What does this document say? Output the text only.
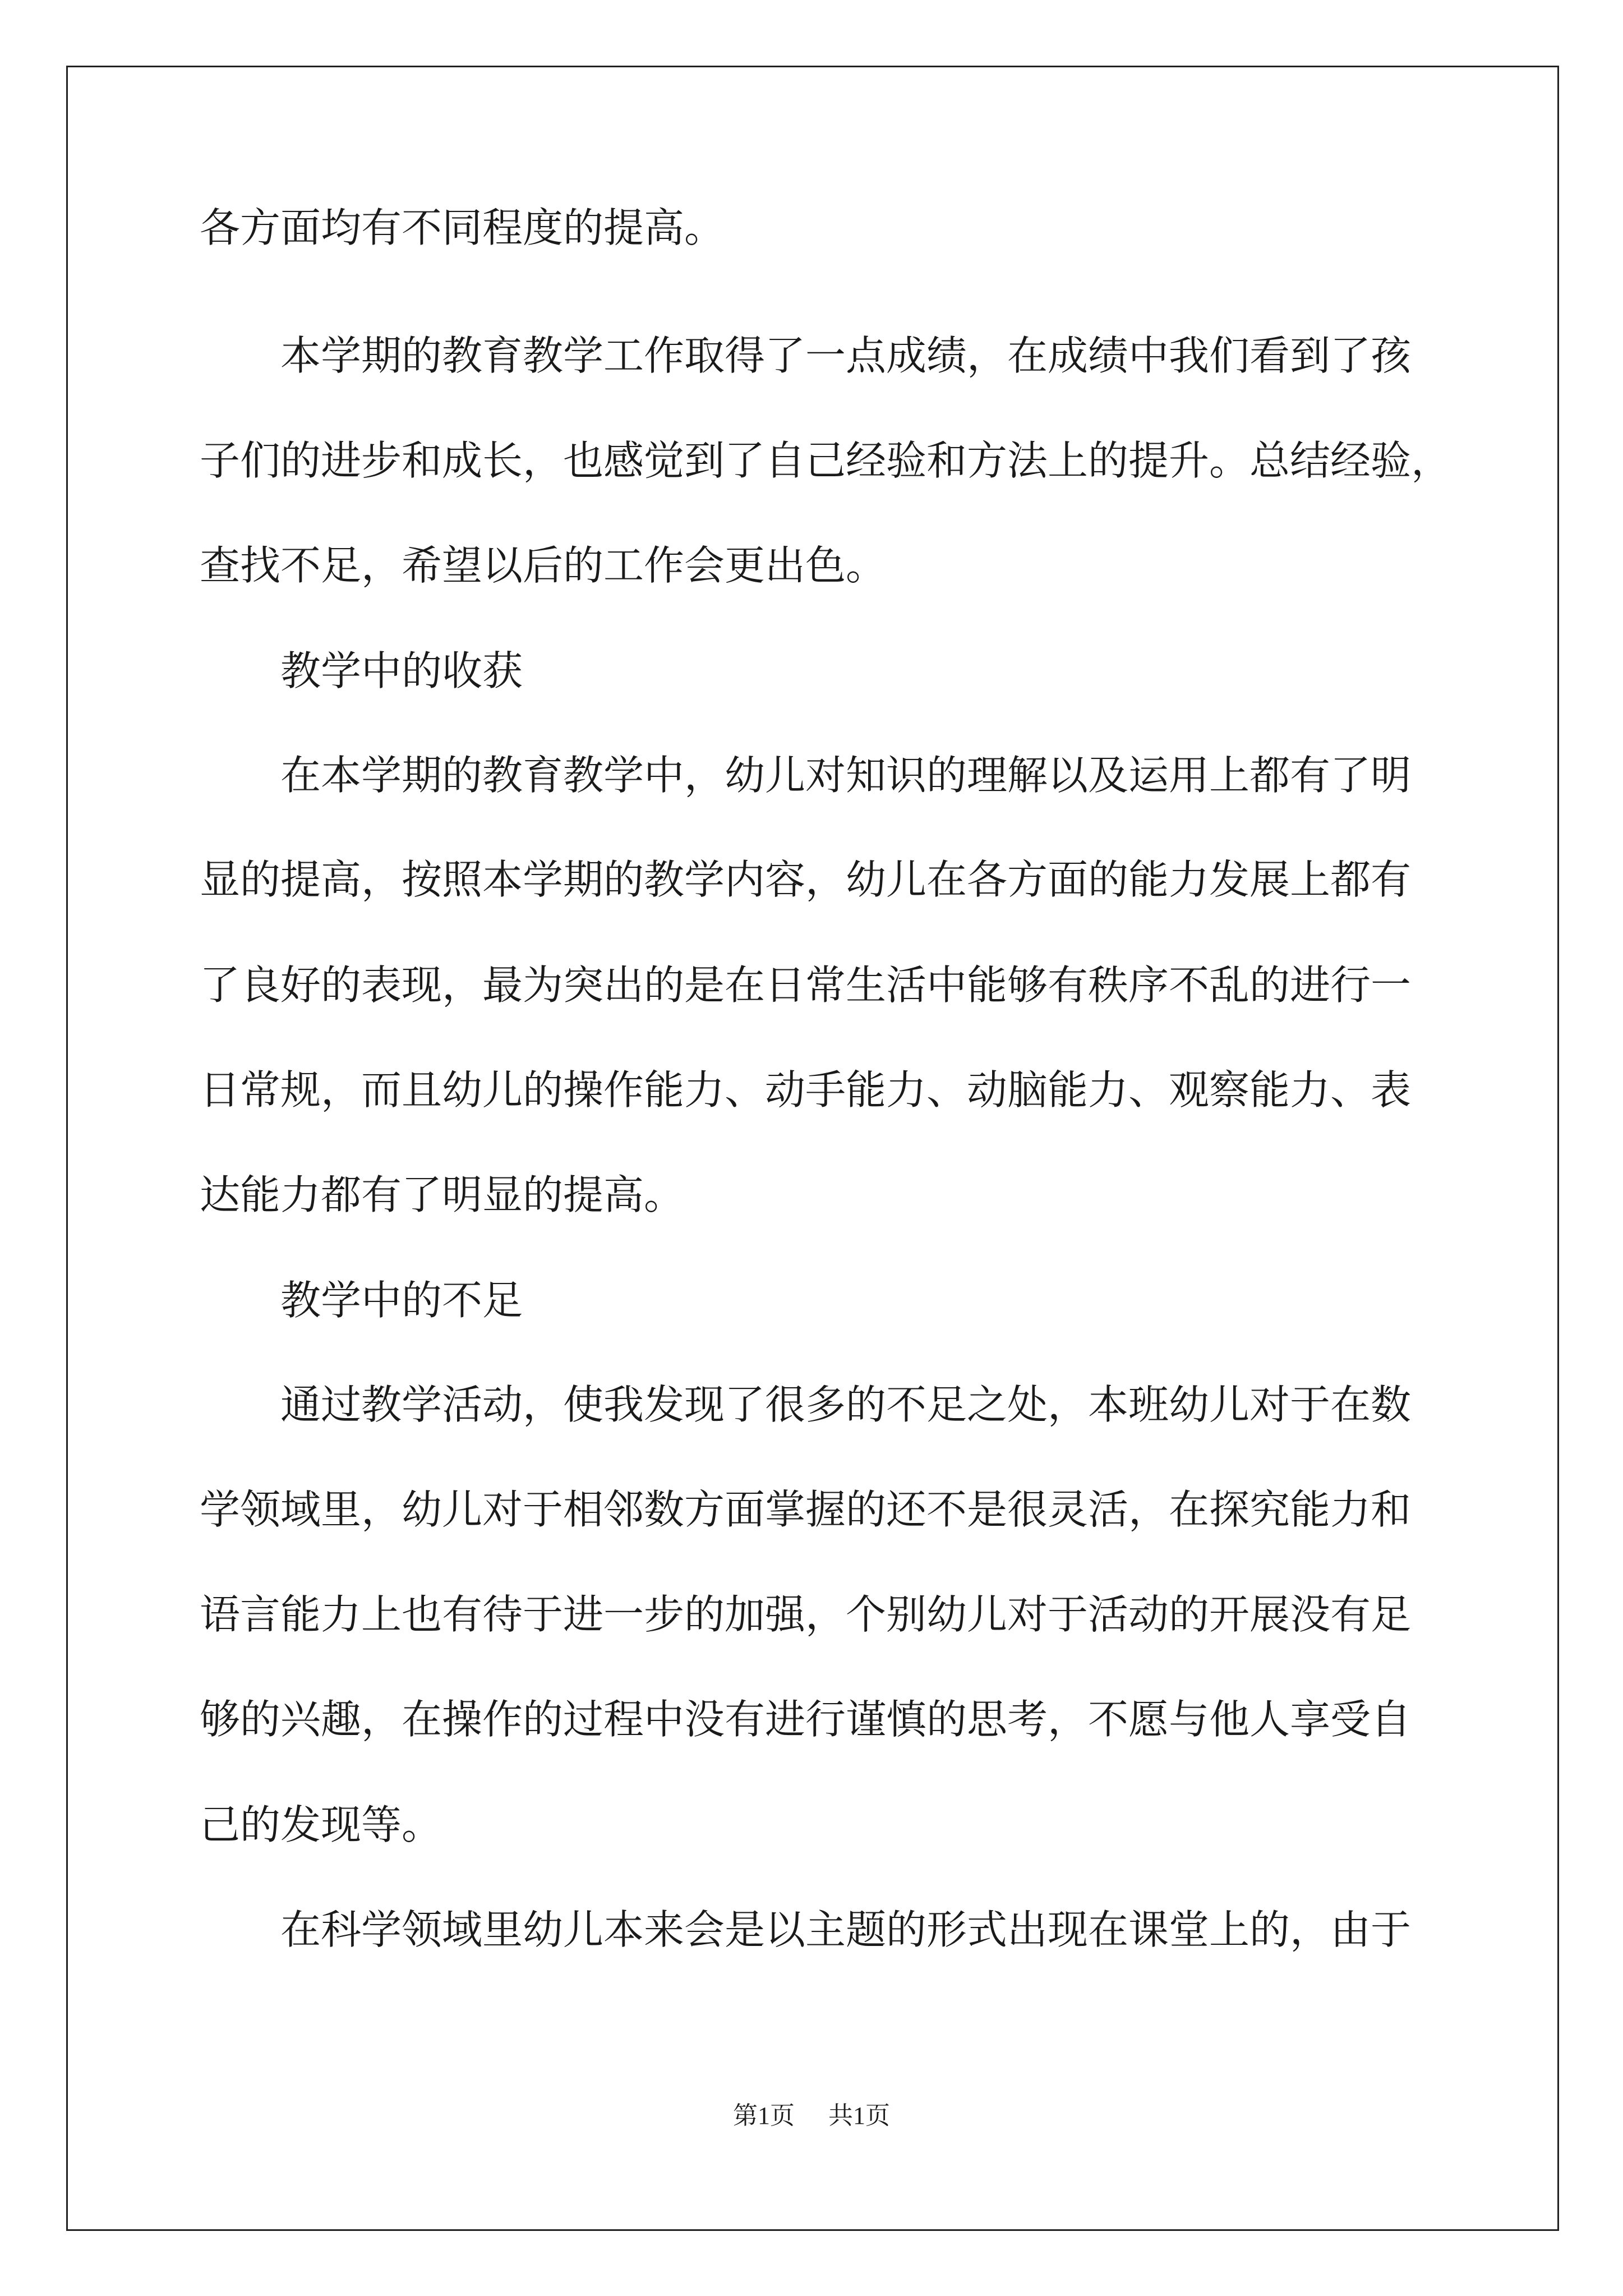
各方面均有不同程度的提高。
本学期的教育教学工作取得了一点成绩，在成绩中我们看到了孩
子们的进步和成长，也感觉到了自己经验和方法上的提升。总结经验，
查找不足，希望以后的工作会更出色。
教学中的收获
在本学期的教育教学中，幼儿对知识的理解以及运用上都有了明
显的提高，按照本学期的教学内容，幼儿在各方面的能力发展上都有
了良好的表现，最为突出的是在日常生活中能够有秩序不乱的进行一
日常规，而且幼儿的操作能力、动手能力、动脑能力、观察能力、表
达能力都有了明显的提高。
教学中的不足
通过教学活动，使我发现了很多的不足之处，本班幼儿对于在数
学领域里，幼儿对于相邻数方面掌握的还不是很灵活，在探究能力和
语言能力上也有待于进一步的加强，个别幼儿对于活动的开展没有足
够的兴趣，在操作的过程中没有进行谨慎的思考，不愿与他人享受自
己的发现等。
在科学领域里幼儿本来会是以主题的形式出现在课堂上的，由于
第1页 共1页
